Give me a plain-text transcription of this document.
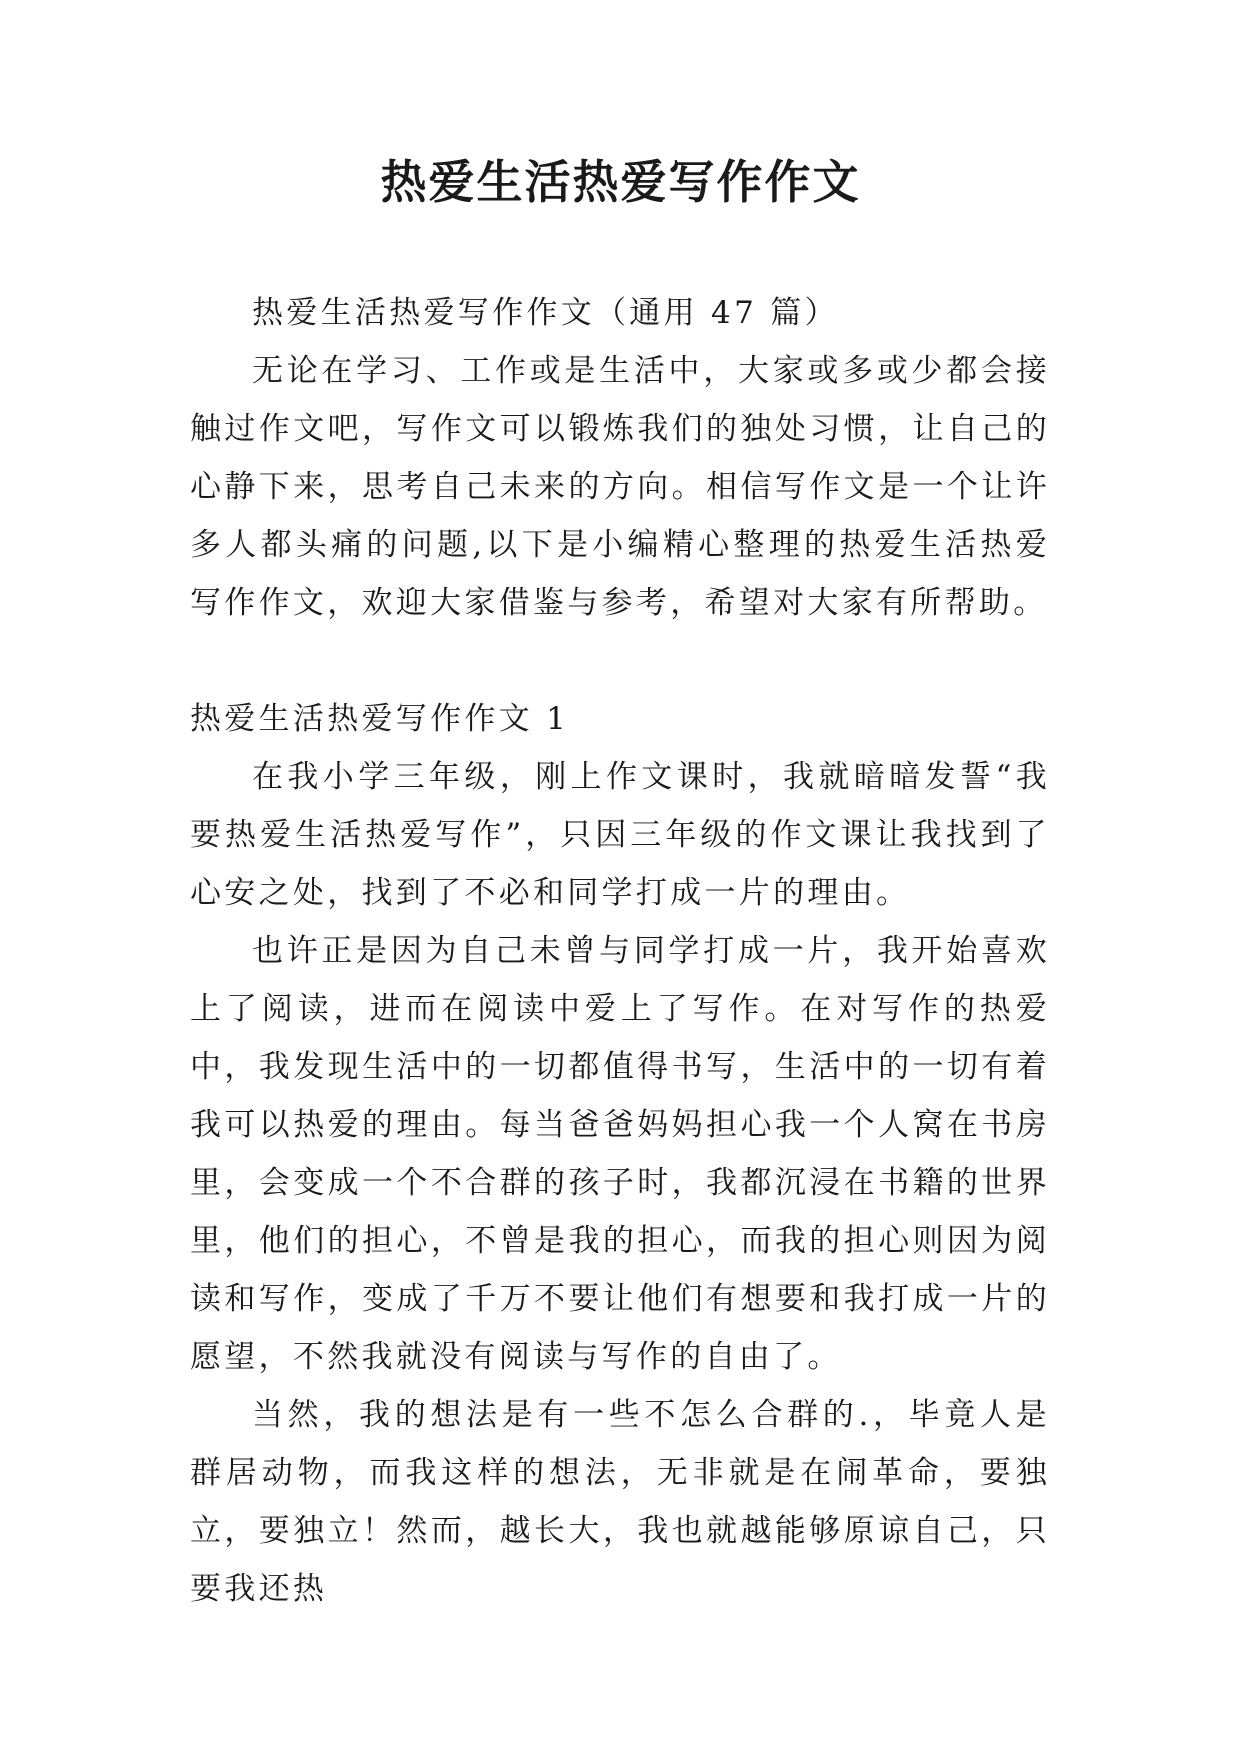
热爱生活热爱写作作文

热爱生活热爱写作作文（通用 47 篇）

无论在学习、工作或是生活中，大家或多或少都会接触过作文吧，写作文可以锻炼我们的独处习惯，让自己的心静下来，思考自己未来的方向。相信写作文是一个让许多人都头痛的问题,以下是小编精心整理的热爱生活热爱写作作文，欢迎大家借鉴与参考，希望对大家有所帮助。

热爱生活热爱写作作文 1

在我小学三年级，刚上作文课时，我就暗暗发誓“我要热爱生活热爱写作”，只因三年级的作文课让我找到了心安之处，找到了不必和同学打成一片的理由。

也许正是因为自己未曾与同学打成一片，我开始喜欢上了阅读，进而在阅读中爱上了写作。在对写作的热爱中，我发现生活中的一切都值得书写，生活中的一切有着我可以热爱的理由。每当爸爸妈妈担心我一个人窝在书房里，会变成一个不合群的孩子时，我都沉浸在书籍的世界里，他们的担心，不曾是我的担心，而我的担心则因为阅读和写作，变成了千万不要让他们有想要和我打成一片的愿望，不然我就没有阅读与写作的自由了。

当然，我的想法是有一些不怎么合群的.，毕竟人是群居动物，而我这样的想法，无非就是在闹革命，要独立，要独立！然而，越长大，我也就越能够原谅自己，只要我还热
